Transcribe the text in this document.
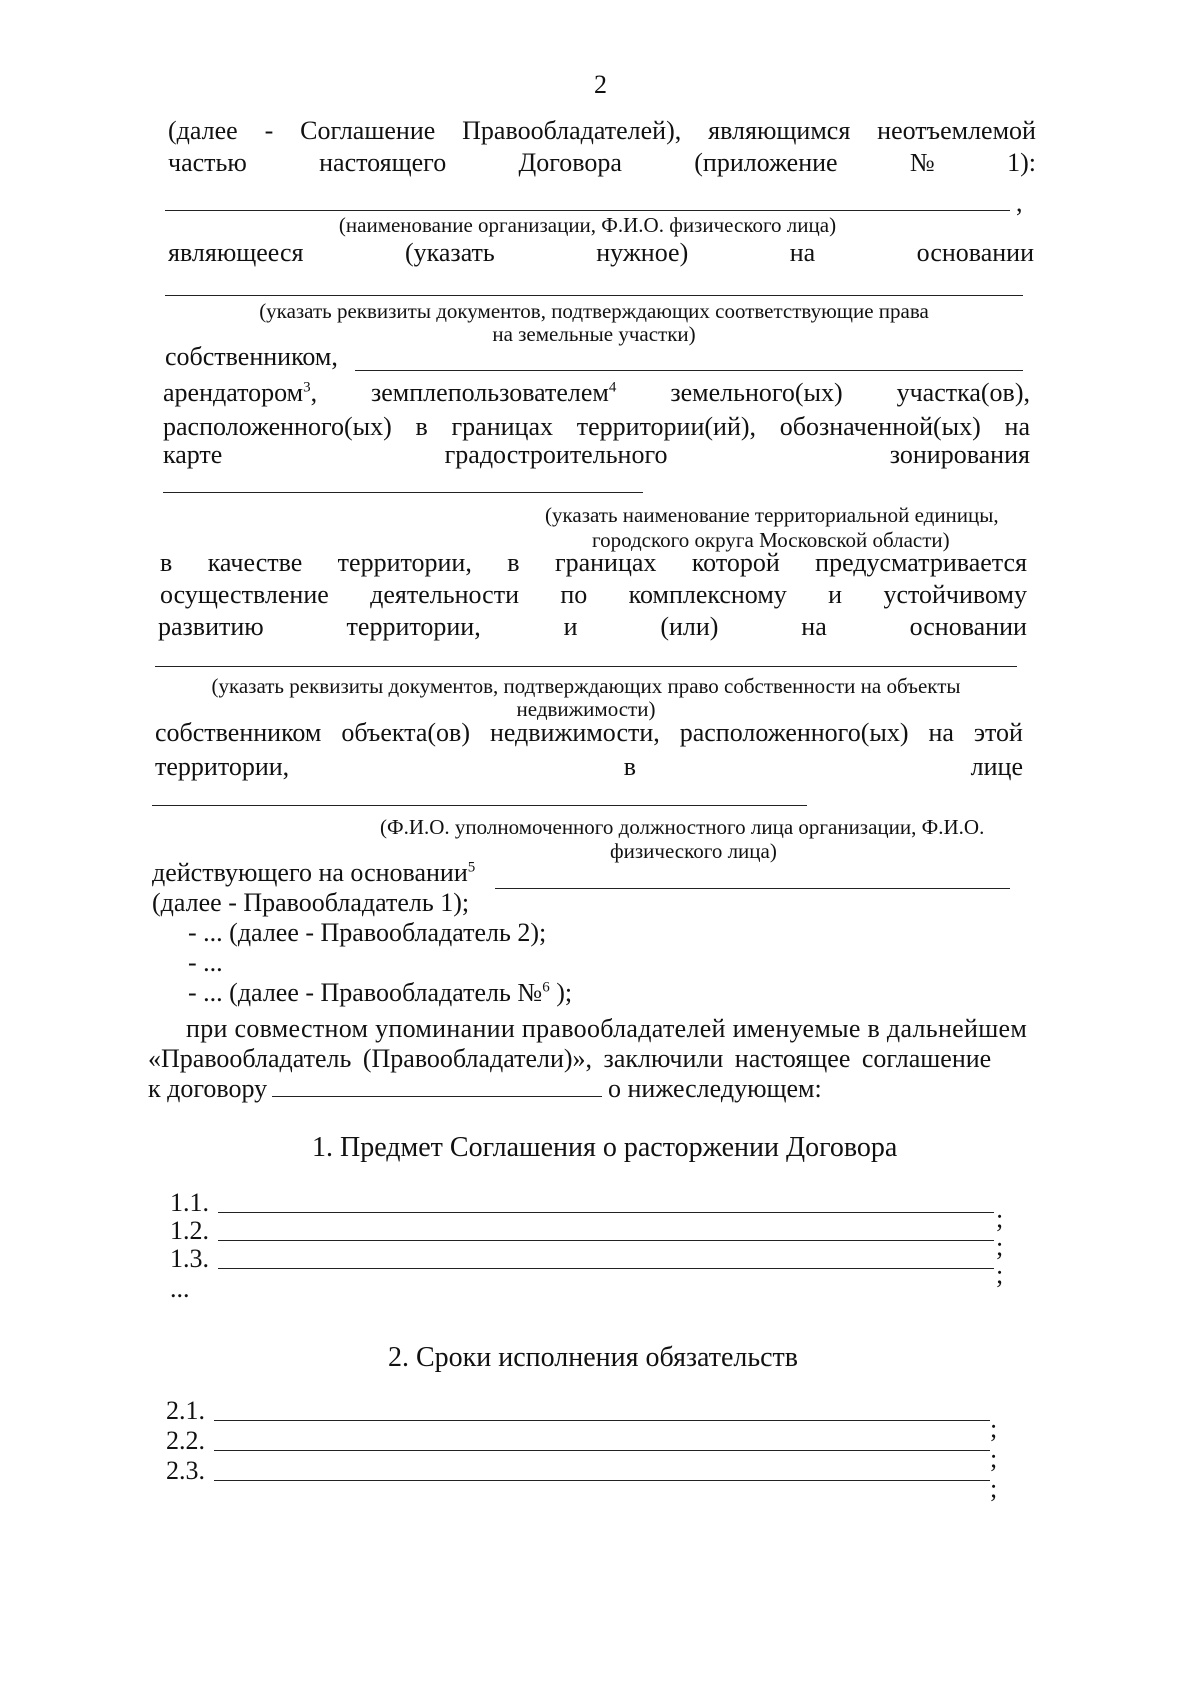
2
(далее - Соглашение Правообладателей), являющимся неотъемлемой
частью	настоящего	Договора	(приложение	№	1):
,
(наименование организации, Ф.И.О. физического лица)
являющееся	(указать	нужное)	на	основании
(указать реквизиты документов, подтверждающих соответствующие права
на земельные участки)
собственником,
арендатором$^3$, земплепользователем$^4$ земельного(ых) участка(ов),
расположенного(ых) в границах территории(ий), обозначенной(ых) на
карте	градостроительного	зонирования
(указать наименование территориальной единицы,
городского округа Московской области)
в качестве территории, в границах которой предусматривается
осуществление деятельности по комплексному и устойчивому
развитию	территории,	и	(или)	на	основании
(указать реквизиты документов, подтверждающих право собственности на объекты
недвижимости)
собственником объекта(ов) недвижимости, расположенного(ых) на этой
территории,	в	лице
(Ф.И.О. уполномоченного должностного лица организации, Ф.И.О.
физического лица)
действующего на основании$^5$
(далее - Правообладатель 1);
- ... (далее - Правообладатель 2);
- ...
- ... (далее - Правообладатель №$^6$ );
при совместном упоминании правообладателей именуемые в дальнейшем
«Правообладатель (Правообладатели)», заключили настоящее соглашение
к договору	о нижеследующем:
1. Предмет Соглашения о расторжении Договора
1.1.
;
1.2.
;
1.3.
;
...
2. Сроки исполнения обязательств
2.1.
;
2.2.
;
2.3.
;
